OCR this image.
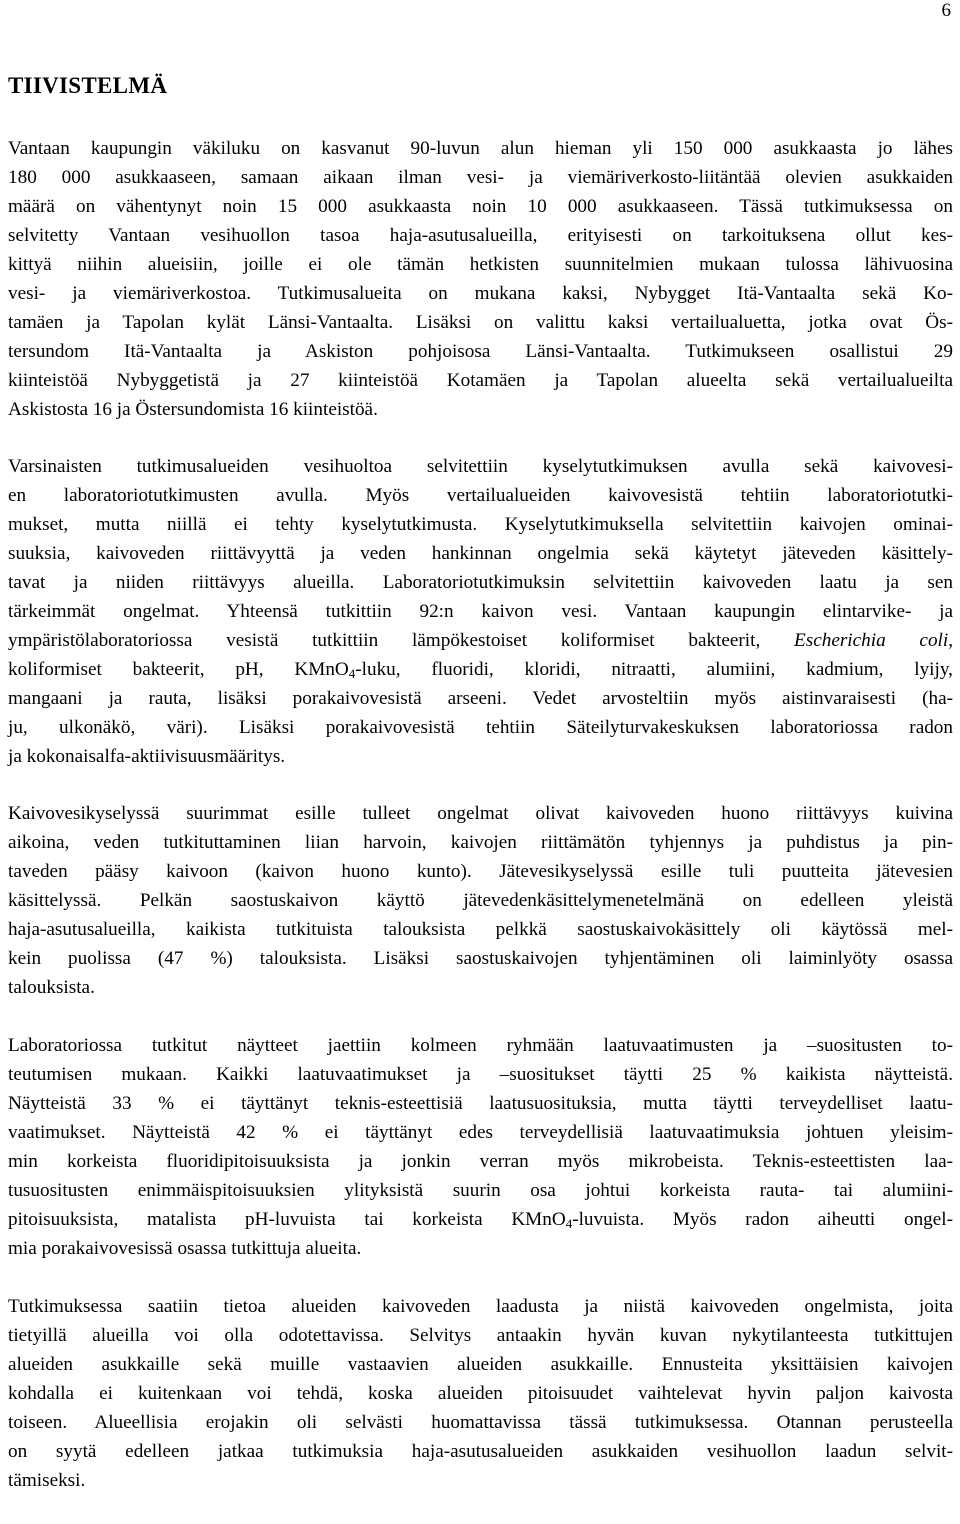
6
TIIVISTELMÄ
Vantaan kaupungin väkiluku on kasvanut 90-luvun alun hieman yli 150 000 asukkaasta jo lähes
180 000 asukkaaseen, samaan aikaan ilman vesi- ja viemäriverkosto-liitäntää olevien asukkaiden
määrä on vähentynyt noin 15 000 asukkaasta noin 10 000 asukkaaseen. Tässä tutkimuksessa on
selvitetty Vantaan vesihuollon tasoa haja-asutusalueilla, erityisesti on tarkoituksena ollut kes-
kittyä niihin alueisiin, joille ei ole tämän hetkisten suunnitelmien mukaan tulossa lähivuosina
vesi- ja viemäriverkostoa. Tutkimusalueita on mukana kaksi, Nybygget Itä-Vantaalta sekä Ko-
tamäen ja Tapolan kylät Länsi-Vantaalta. Lisäksi on valittu kaksi vertailualuetta, jotka ovat Ös-
tersundom Itä-Vantaalta ja Askiston pohjoisosa Länsi-Vantaalta. Tutkimukseen osallistui 29
kiinteistöä Nybyggetistä ja 27 kiinteistöä Kotamäen ja Tapolan alueelta sekä vertailualueilta
Askistosta 16 ja Östersundomista 16 kiinteistöä.
Varsinaisten tutkimusalueiden vesihuoltoa selvitettiin kyselytutkimuksen avulla sekä kaivovesi-
en laboratoriotutkimusten avulla. Myös vertailualueiden kaivovesistä tehtiin laboratoriotutki-
mukset, mutta niillä ei tehty kyselytutkimusta. Kyselytutkimuksella selvitettiin kaivojen ominai-
suuksia, kaivoveden riittävyyttä ja veden hankinnan ongelmia sekä käytetyt jäteveden käsittely-
tavat ja niiden riittävyys alueilla. Laboratoriotutkimuksin selvitettiin kaivoveden laatu ja sen
tärkeimmät ongelmat. Yhteensä tutkittiin 92:n kaivon vesi. Vantaan kaupungin elintarvike- ja
ympäristölaboratoriossa vesistä tutkittiin lämpökestoiset koliformiset bakteerit, Escherichia coli,
koliformiset bakteerit, pH, KMnO$_4$-luku, fluoridi, kloridi, nitraatti, alumiini, kadmium, lyijy,
mangaani ja rauta, lisäksi porakaivovesistä arseeni. Vedet arvosteltiin myös aistinvaraisesti (ha-
ju, ulkonäkö, väri). Lisäksi porakaivovesistä tehtiin Säteilyturvakeskuksen laboratoriossa radon
ja kokonaisalfa-aktiivisuusmääritys.
Kaivovesikyselyssä suurimmat esille tulleet ongelmat olivat kaivoveden huono riittävyys kuivina
aikoina, veden tutkituttaminen liian harvoin, kaivojen riittämätön tyhjennys ja puhdistus ja pin-
taveden pääsy kaivoon (kaivon huono kunto). Jätevesikyselyssä esille tuli puutteita jätevesien
käsittelyssä. Pelkän saostuskaivon käyttö jätevedenkäsittelymenetelmänä on edelleen yleistä
haja-asutusalueilla, kaikista tutkituista talouksista pelkkä saostuskaivokäsittely oli käytössä mel-
kein puolissa (47 %) talouksista. Lisäksi saostuskaivojen tyhjentäminen oli laiminlyöty osassa
talouksista.
Laboratoriossa tutkitut näytteet jaettiin kolmeen ryhmään laatuvaatimusten ja –suositusten to-
teutumisen mukaan. Kaikki laatuvaatimukset ja –suositukset täytti 25 % kaikista näytteistä.
Näytteistä 33 % ei täyttänyt teknis-esteettisiä laatusuosituksia, mutta täytti terveydelliset laatu-
vaatimukset. Näytteistä 42 % ei täyttänyt edes terveydellisiä laatuvaatimuksia johtuen yleisim-
min korkeista fluoridipitoisuuksista ja jonkin verran myös mikrobeista. Teknis-esteettisten laa-
tusuositusten enimmäispitoisuuksien ylityksistä suurin osa johtui korkeista rauta- tai alumiini-
pitoisuuksista, matalista pH-luvuista tai korkeista KMnO$_4$-luvuista. Myös radon aiheutti ongel-
mia porakaivovesissä osassa tutkittuja alueita.
Tutkimuksessa saatiin tietoa alueiden kaivoveden laadusta ja niistä kaivoveden ongelmista, joita
tietyillä alueilla voi olla odotettavissa. Selvitys antaakin hyvän kuvan nykytilanteesta tutkittujen
alueiden asukkaille sekä muille vastaavien alueiden asukkaille. Ennusteita yksittäisien kaivojen
kohdalla ei kuitenkaan voi tehdä, koska alueiden pitoisuudet vaihtelevat hyvin paljon kaivosta
toiseen. Alueellisia erojakin oli selvästi huomattavissa tässä tutkimuksessa. Otannan perusteella
on syytä edelleen jatkaa tutkimuksia haja-asutusalueiden asukkaiden vesihuollon laadun selvit-
tämiseksi.
